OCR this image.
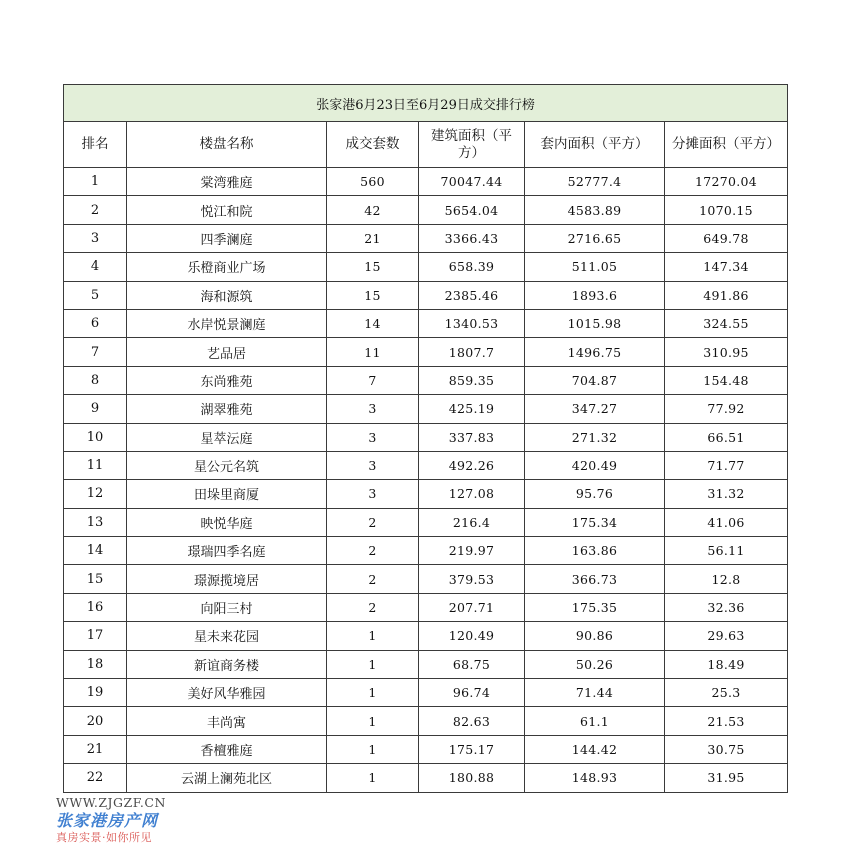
张家港6月23日至6月29日成交排行榜					
排名	楼盘名称	成交套数	建筑面积（平方）	套内面积（平方）	分摊面积（平方）
1	棠湾雅庭	560	70047.44	52777.4	17270.04
2	悦江和院	42	5654.04	4583.89	1070.15
3	四季澜庭	21	3366.43	2716.65	649.78
4	乐橙商业广场	15	658.39	511.05	147.34
5	海和源筑	15	2385.46	1893.6	491.86
6	水岸悦景澜庭	14	1340.53	1015.98	324.55
7	艺品居	11	1807.7	1496.75	310.95
8	东尚雅苑	7	859.35	704.87	154.48
9	湖翠雅苑	3	425.19	347.27	77.92
10	星萃沄庭	3	337.83	271.32	66.51
11	星公元名筑	3	492.26	420.49	71.77
12	田垛里商厦	3	127.08	95.76	31.32
13	映悦华庭	2	216.4	175.34	41.06
14	璟瑞四季名庭	2	219.97	163.86	56.11
15	璟源揽境居	2	379.53	366.73	12.8
16	向阳三村	2	207.71	175.35	32.36
17	星未来花园	1	120.49	90.86	29.63
18	新谊商务楼	1	68.75	50.26	18.49
19	美好风华雅园	1	96.74	71.44	25.3
20	丰尚寓	1	82.63	61.1	21.53
21	香檀雅庭	1	175.17	144.42	30.75
22	云湖上澜苑北区	1	180.88	148.93	31.95
WWW.ZJGZF.CN
张家港房产网
真房实景·如你所见
